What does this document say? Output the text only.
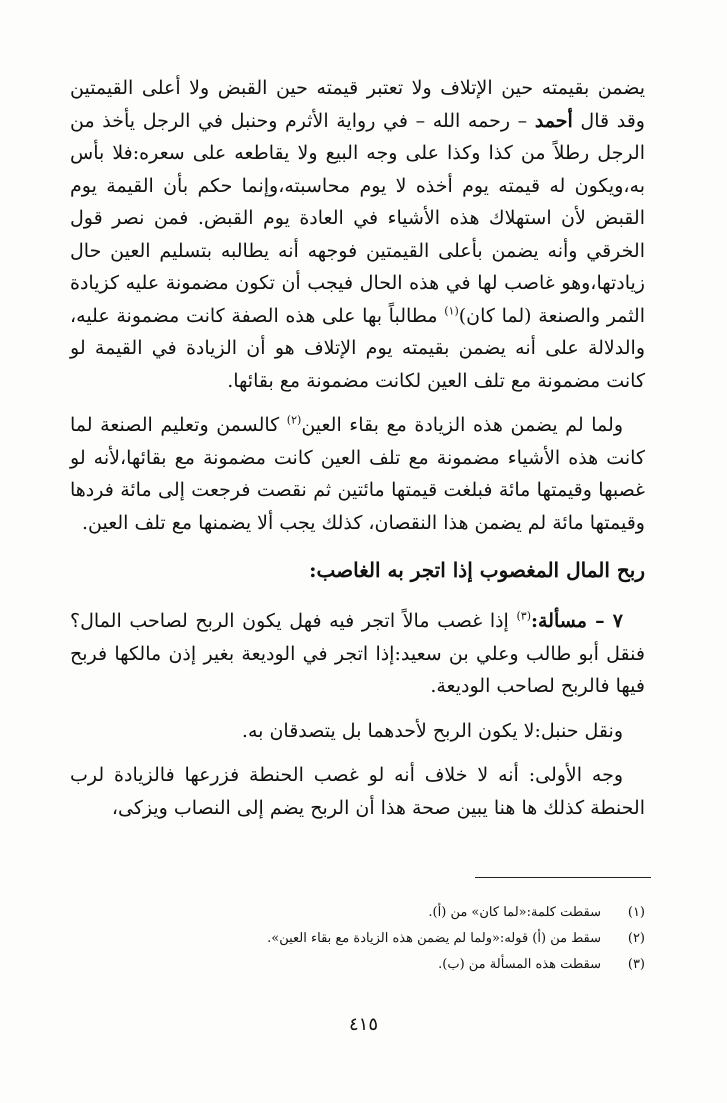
يضمن بقيمته حين الإتلاف ولا تعتبر قيمته حين القبض ولا أعلى القيمتين وقد قال أحمد – رحمه الله – في رواية الأثرم وحنبل في الرجل يأخذ من الرجل رطلاً من كذا وكذا على وجه البيع ولا يقاطعه على سعره:فلا بأس به،ويكون له قيمته يوم أخذه لا يوم محاسبته،وإنما حكم بأن القيمة يوم القبض لأن استهلاك هذه الأشياء في العادة يوم القبض. فمن نصر قول الخرقي وأنه يضمن بأعلى القيمتين فوجهه أنه يطالبه بتسليم العين حال زيادتها،وهو غاصب لها في هذه الحال فيجب أن تكون مضمونة عليه كزيادة الثمر والصنعة (لما كان)$^{(١)}$ مطالباً بها على هذه الصفة كانت مضمونة عليه، والدلالة على أنه يضمن بقيمته يوم الإتلاف هو أن الزيادة في القيمة لو كانت مضمونة مع تلف العين لكانت مضمونة مع بقائها.

ولما لم يضمن هذه الزيادة مع بقاء العين$^{(٢)}$ كالسمن وتعليم الصنعة لما كانت هذه الأشياء مضمونة مع تلف العين كانت مضمونة مع بقائها،لأنه لو غصبها وقيمتها مائة فبلغت قيمتها مائتين ثم نقصت فرجعت إلى مائة فردها وقيمتها مائة لم يضمن هذا النقصان، كذلك يجب ألا يضمنها مع تلف العين.

ربح المال المغصوب إذا اتجر به الغاصب:

٧ – مسألة:$^{(٣)}$ إذا غصب مالاً اتجر فيه فهل يكون الربح لصاحب المال؟ فنقل أبو طالب وعلي بن سعيد:إذا اتجر في الوديعة بغير إذن مالكها فربح فيها فالربح لصاحب الوديعة.

ونقل حنبل:لا يكون الربح لأحدهما بل يتصدقان به.

وجه الأولى: أنه لا خلاف أنه لو غصب الحنطة فزرعها فالزيادة لرب الحنطة كذلك ها هنا يبين صحة هذا أن الربح يضم إلى النصاب ويزكى،

(١)
سقطت كلمة:«لما كان» من (أ).
(٢)
سقط من (أ) قوله:«ولما لم يضمن هذه الزيادة مع بقاء العين».
(٣)
سقطت هذه المسألة من (ب).
٤١٥
